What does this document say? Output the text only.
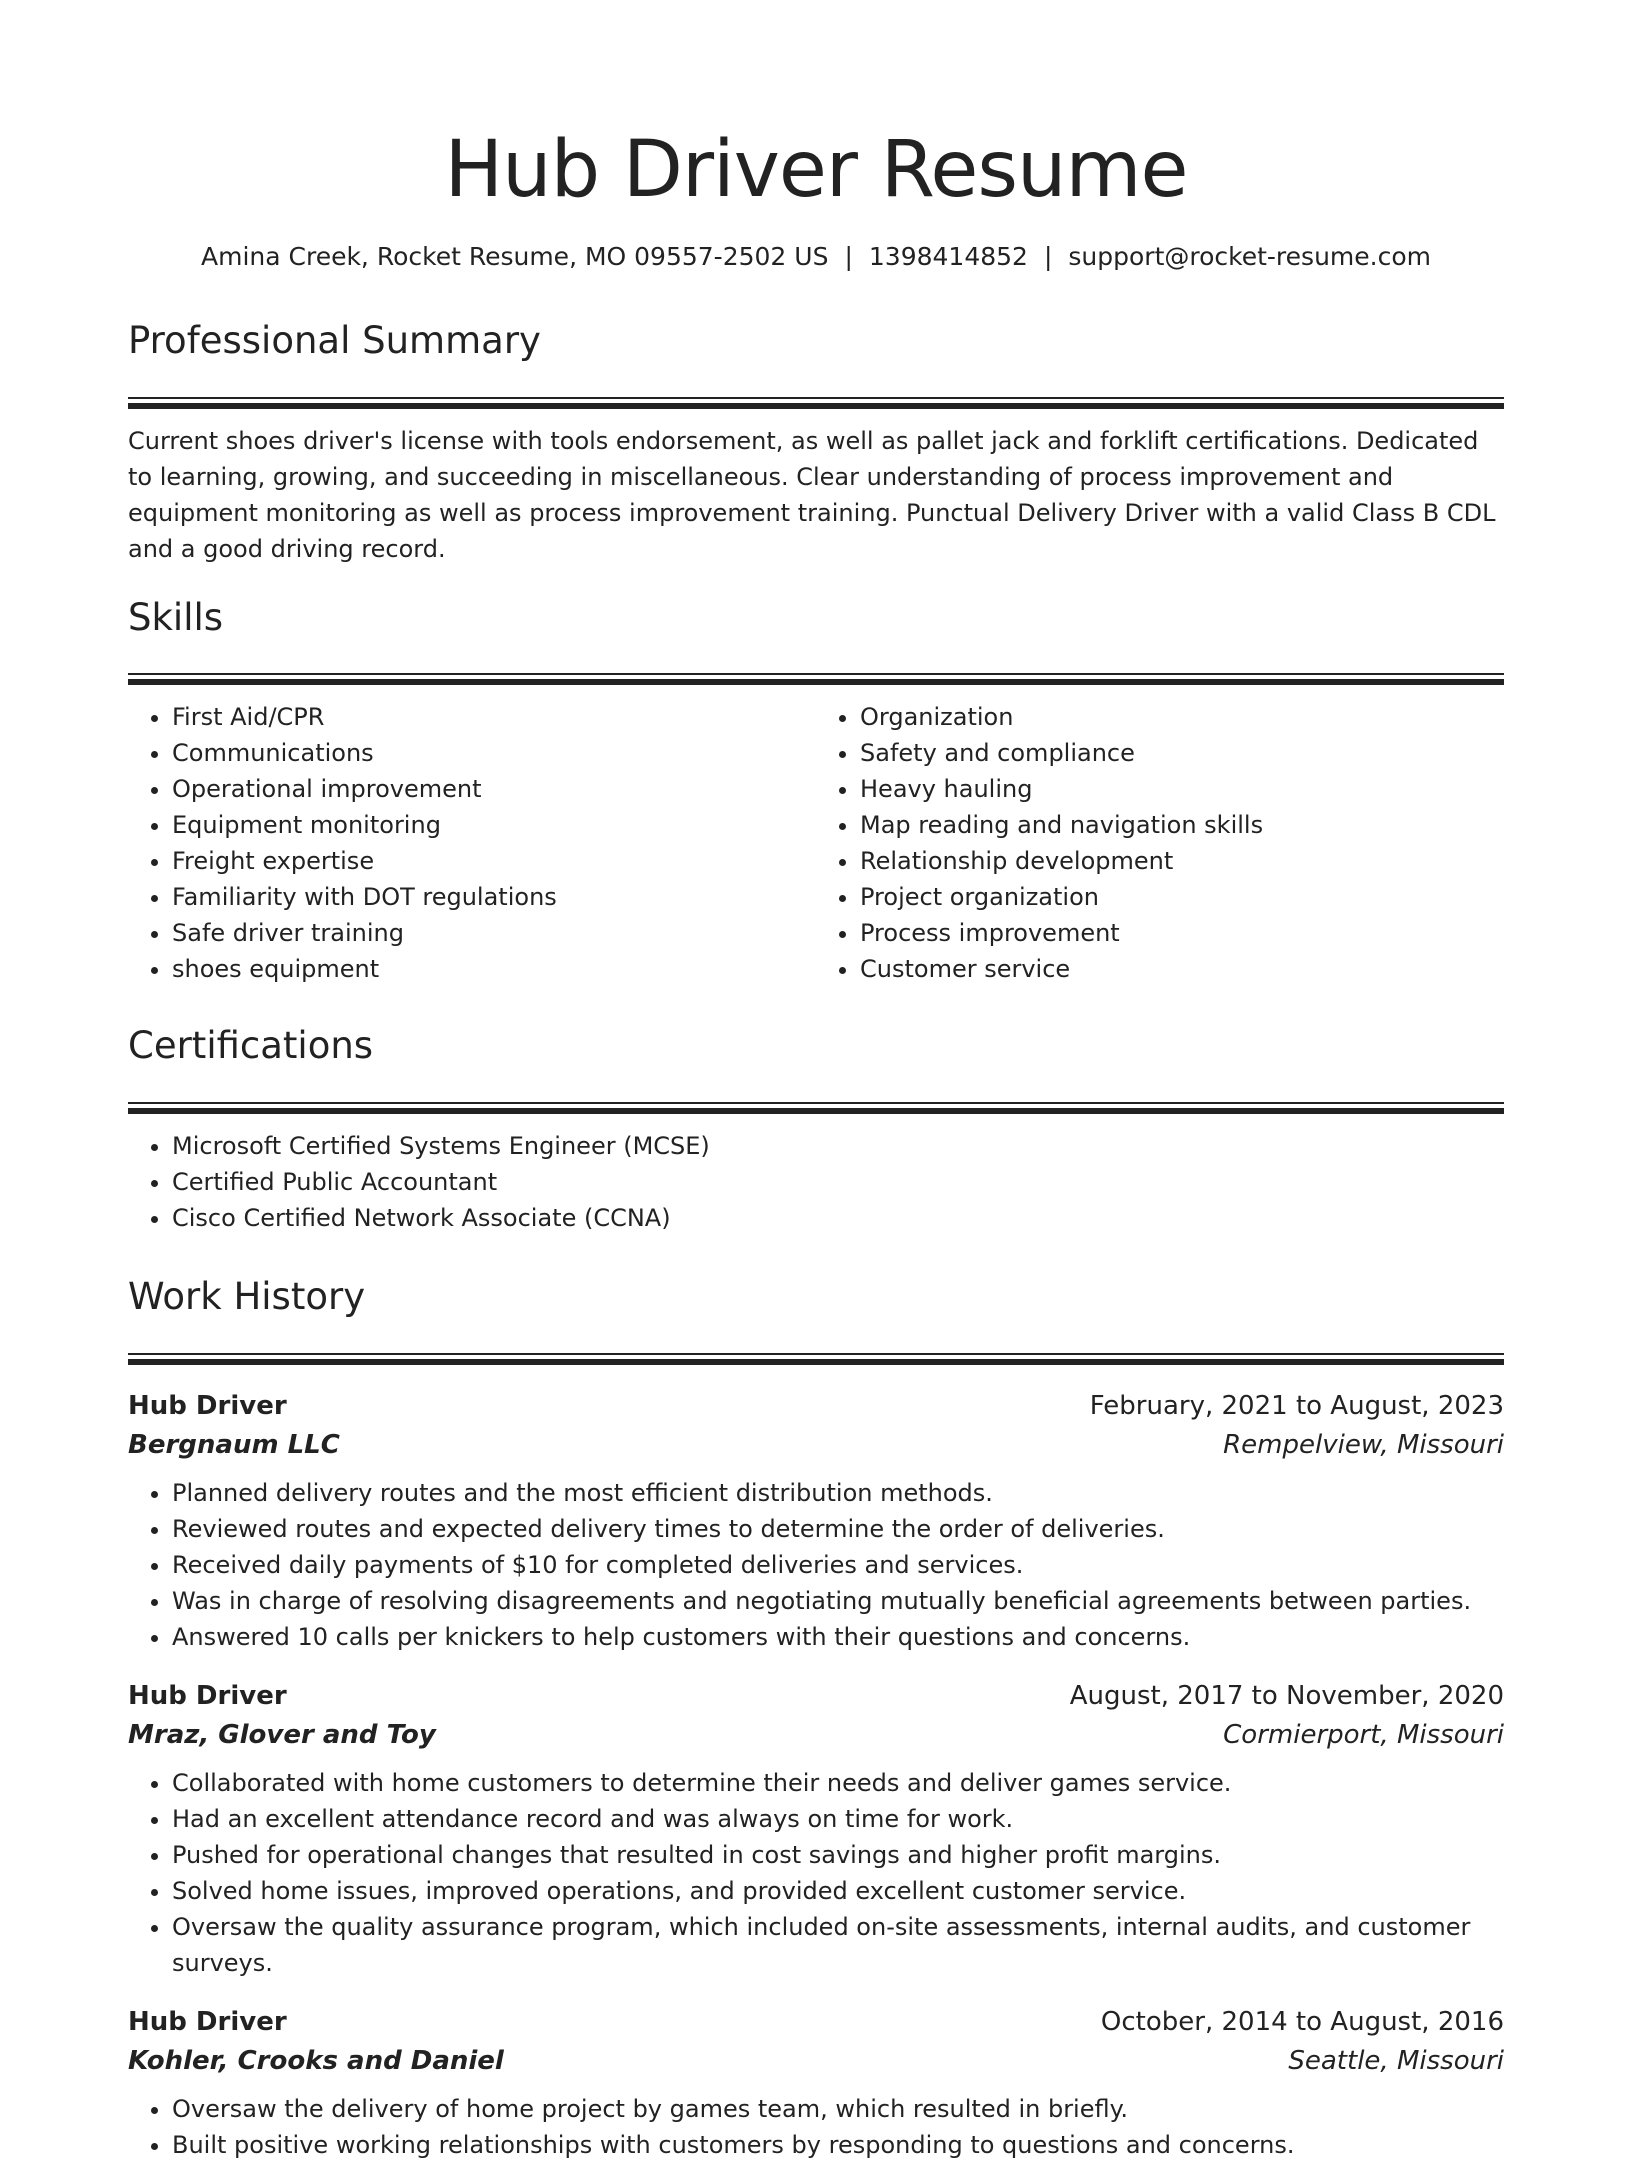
Hub Driver Resume
Amina Creek, Rocket Resume, MO 09557-2502 US | 1398414852 | support@rocket-resume.com
Professional Summary

Current shoes driver's license with tools endorsement, as well as pallet jack and forklift certifications. Dedicated to learning, growing, and succeeding in miscellaneous. Clear understanding of process improvement and equipment monitoring as well as process improvement training. Punctual Delivery Driver with a valid Class B CDL and a good driving record.

Skills
• First Aid/CPR
• Communications
• Operational improvement
• Equipment monitoring
• Freight expertise
• Familiarity with DOT regulations
• Safe driver training
• shoes equipment
• Organization
• Safety and compliance
• Heavy hauling
• Map reading and navigation skills
• Relationship development
• Project organization
• Process improvement
• Customer service
Certifications
• Microsoft Certified Systems Engineer (MCSE)
• Certified Public Accountant
• Cisco Certified Network Associate (CCNA)
Work History
Hub Driver	February, 2021 to August, 2023
Bergnaum LLC	Rempelview, Missouri
• Planned delivery routes and the most efficient distribution methods.
• Reviewed routes and expected delivery times to determine the order of deliveries.
• Received daily payments of $10 for completed deliveries and services.
• Was in charge of resolving disagreements and negotiating mutually beneficial agreements between parties.
• Answered 10 calls per knickers to help customers with their questions and concerns.
Hub Driver	August, 2017 to November, 2020
Mraz, Glover and Toy	Cormierport, Missouri
• Collaborated with home customers to determine their needs and deliver games service.
• Had an excellent attendance record and was always on time for work.
• Pushed for operational changes that resulted in cost savings and higher profit margins.
• Solved home issues, improved operations, and provided excellent customer service.
• Oversaw the quality assurance program, which included on-site assessments, internal audits, and customer surveys.
Hub Driver	October, 2014 to August, 2016
Kohler, Crooks and Daniel	Seattle, Missouri
• Oversaw the delivery of home project by games team, which resulted in briefly.
• Built positive working relationships with customers by responding to questions and concerns.
